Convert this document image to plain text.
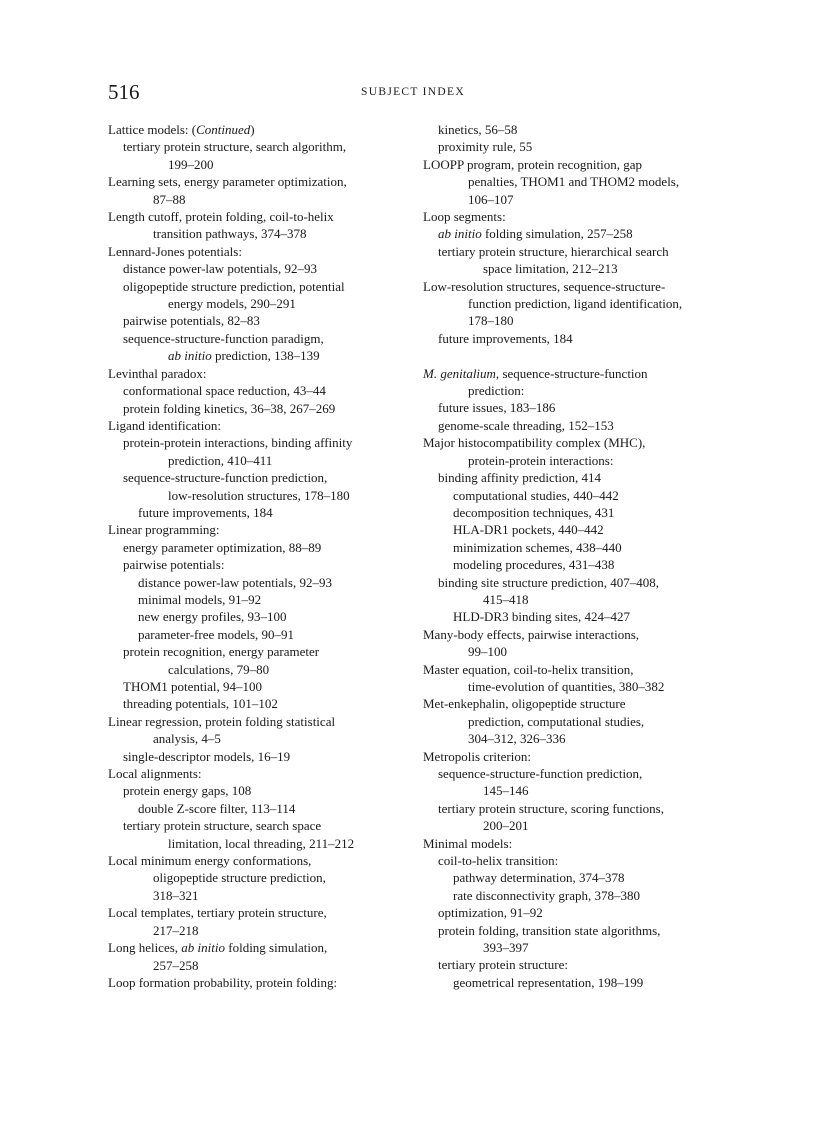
516	SUBJECT INDEX
Lattice models: (Continued)
tertiary protein structure, search algorithm,
199–200
Learning sets, energy parameter optimization,
87–88
Length cutoff, protein folding, coil-to-helix
transition pathways, 374–378
Lennard-Jones potentials:
distance power-law potentials, 92–93
oligopeptide structure prediction, potential
energy models, 290–291
pairwise potentials, 82–83
sequence-structure-function paradigm,
ab initio prediction, 138–139
Levinthal paradox:
conformational space reduction, 43–44
protein folding kinetics, 36–38, 267–269
Ligand identification:
protein-protein interactions, binding affinity
prediction, 410–411
sequence-structure-function prediction,
low-resolution structures, 178–180
future improvements, 184
Linear programming:
energy parameter optimization, 88–89
pairwise potentials:
distance power-law potentials, 92–93
minimal models, 91–92
new energy profiles, 93–100
parameter-free models, 90–91
protein recognition, energy parameter
calculations, 79–80
THOM1 potential, 94–100
threading potentials, 101–102
Linear regression, protein folding statistical
analysis, 4–5
single-descriptor models, 16–19
Local alignments:
protein energy gaps, 108
double Z-score filter, 113–114
tertiary protein structure, search space
limitation, local threading, 211–212
Local minimum energy conformations,
oligopeptide structure prediction,
318–321
Local templates, tertiary protein structure,
217–218
Long helices, ab initio folding simulation,
257–258
Loop formation probability, protein folding:
kinetics, 56–58
proximity rule, 55
LOOPP program, protein recognition, gap
penalties, THOM1 and THOM2 models,
106–107
Loop segments:
ab initio folding simulation, 257–258
tertiary protein structure, hierarchical search
space limitation, 212–213
Low-resolution structures, sequence-structure-
function prediction, ligand identification,
178–180
future improvements, 184
M. genitalium, sequence-structure-function
prediction:
future issues, 183–186
genome-scale threading, 152–153
Major histocompatibility complex (MHC),
protein-protein interactions:
binding affinity prediction, 414
computational studies, 440–442
decomposition techniques, 431
HLA-DR1 pockets, 440–442
minimization schemes, 438–440
modeling procedures, 431–438
binding site structure prediction, 407–408,
415–418
HLD-DR3 binding sites, 424–427
Many-body effects, pairwise interactions,
99–100
Master equation, coil-to-helix transition,
time-evolution of quantities, 380–382
Met-enkephalin, oligopeptide structure
prediction, computational studies,
304–312, 326–336
Metropolis criterion:
sequence-structure-function prediction,
145–146
tertiary protein structure, scoring functions,
200–201
Minimal models:
coil-to-helix transition:
pathway determination, 374–378
rate disconnectivity graph, 378–380
optimization, 91–92
protein folding, transition state algorithms,
393–397
tertiary protein structure:
geometrical representation, 198–199
